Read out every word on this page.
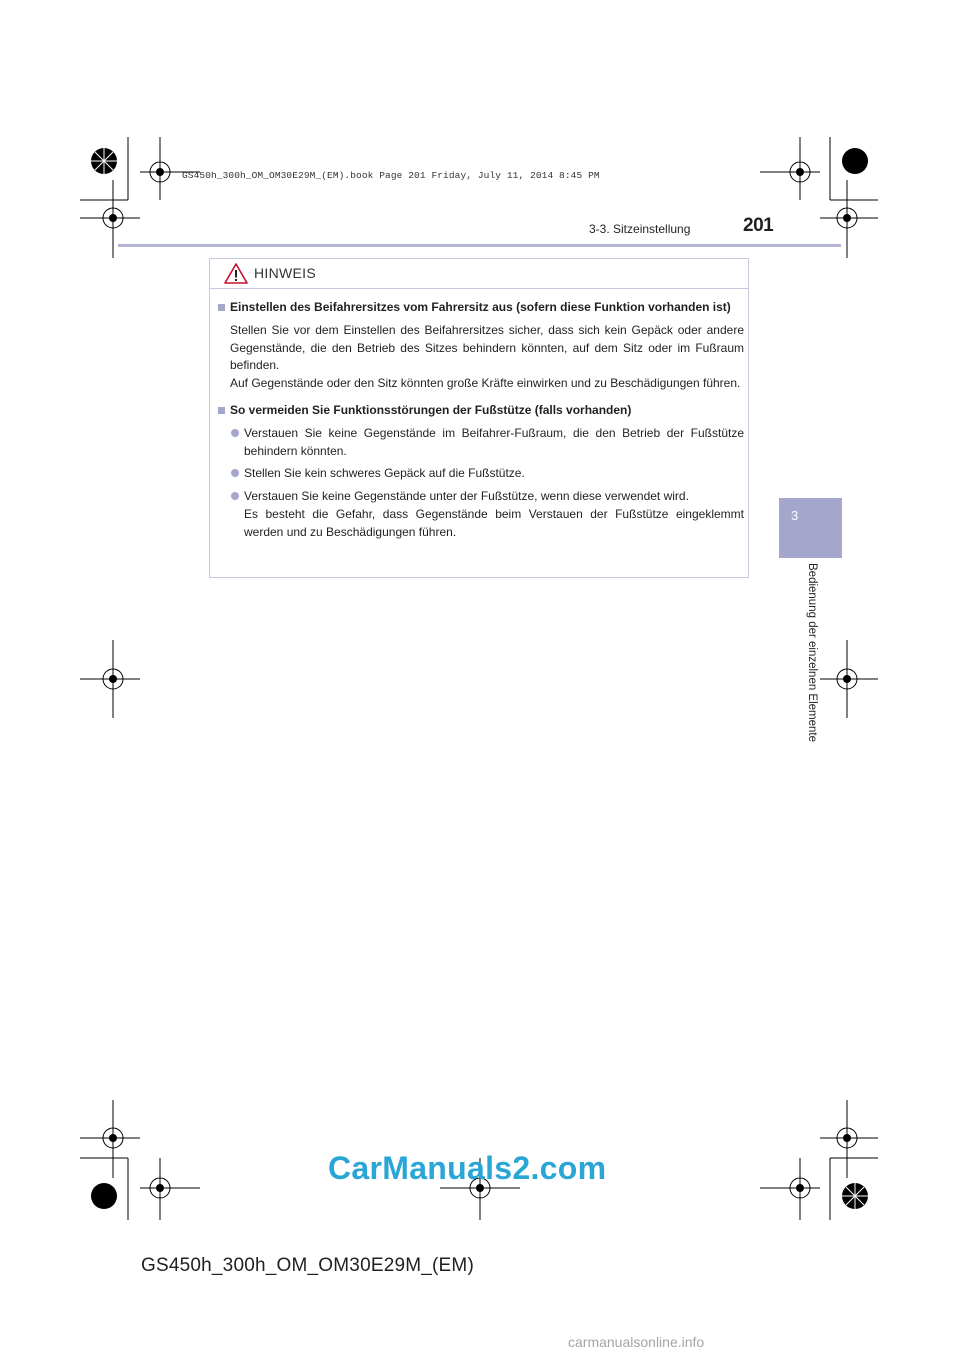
GS450h_300h_OM_OM30E29M_(EM).book Page 201 Friday, July 11, 2014 8:45 PM
3-3. Sitzeinstellung	201
3
Bedienung der einzelnen Elemente
HINWEIS
Einstellen des Beifahrersitzes vom Fahrersitz aus (sofern diese Funktion vorhanden ist)

Stellen Sie vor dem Einstellen des Beifahrersitzes sicher, dass sich kein Gepäck oder andere Gegenstände, die den Betrieb des Sitzes behindern könnten, auf dem Sitz oder im Fußraum befinden.

Auf Gegenstände oder den Sitz könnten große Kräfte einwirken und zu Beschädigungen führen.

So vermeiden Sie Funktionsstörungen der Fußstütze (falls vorhanden)

Verstauen Sie keine Gegenstände im Beifahrer-Fußraum, die den Betrieb der Fußstütze behindern könnten.

Stellen Sie kein schweres Gepäck auf die Fußstütze.

Verstauen Sie keine Gegenstände unter der Fußstütze, wenn diese verwendet wird.

Es besteht die Gefahr, dass Gegenstände beim Verstauen der Fußstütze eingeklemmt werden und zu Beschädigungen führen.

CarManuals2.com
GS450h_300h_OM_OM30E29M_(EM)
carmanualsonline.info
